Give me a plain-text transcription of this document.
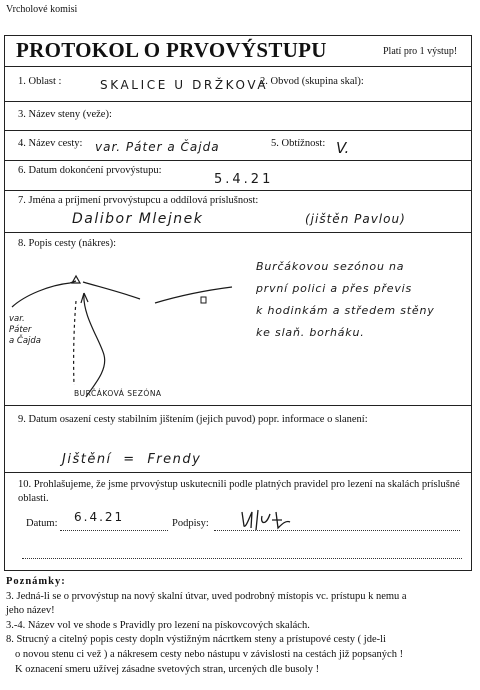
Vrcholové komisi
PROTOKOL O PRVOVÝSTUPU	Platí pro 1 výstup!
1. Oblast :	SKALICE U DRŽKOVA
2. Obvod (skupina skal):
3. Název steny (veže):
4. Název cesty: var. Páter a Čajda	5. Obtížnost: V.
6. Datum dokonćení prvovýstupu:
5.4.21
7. Jména a príjmení prvovýstupcu a oddílová príslušnost:
Dalibor Mlejnek	(jištěn Pavlou)
8. Popis cesty (nákres):
var.
Páter
a Čajda
BURČÁKOVÁ SEZÓNA
Burčákovou sezónou na
první polici a přes převis
k hodinkám a středem stěny
ke slaň. borháku.
9. Datum osazení cesty stabilním jištením (jejich puvod) popr. informace o slanení:
Jištění = Frendy
10. Prohlašujeme, že jsme prvovýstup uskutecnili podle platných pravidel pro lezení na skalách príslušné oblasti.
Datum: 6.4.21	Podpisy:
Poznámky:
3. Jedná-li se o prvovýstup na nový skalní útvar, uved podrobný místopis vc. prístupu k nemu a
jeho název!
3.-4. Název vol ve shode s Pravidly pro lezení na pískovcových skalách.
8. Strucný a citelný popis cesty dopln výstižným nácrtkem steny a prístupové cesty ( jde-li
o novou stenu ci vež ) a nákresem cesty nebo nástupu v závislosti na cestách již popsaných !
K oznacení smeru užívej zásadne svetových stran, urcených dle busoly !
